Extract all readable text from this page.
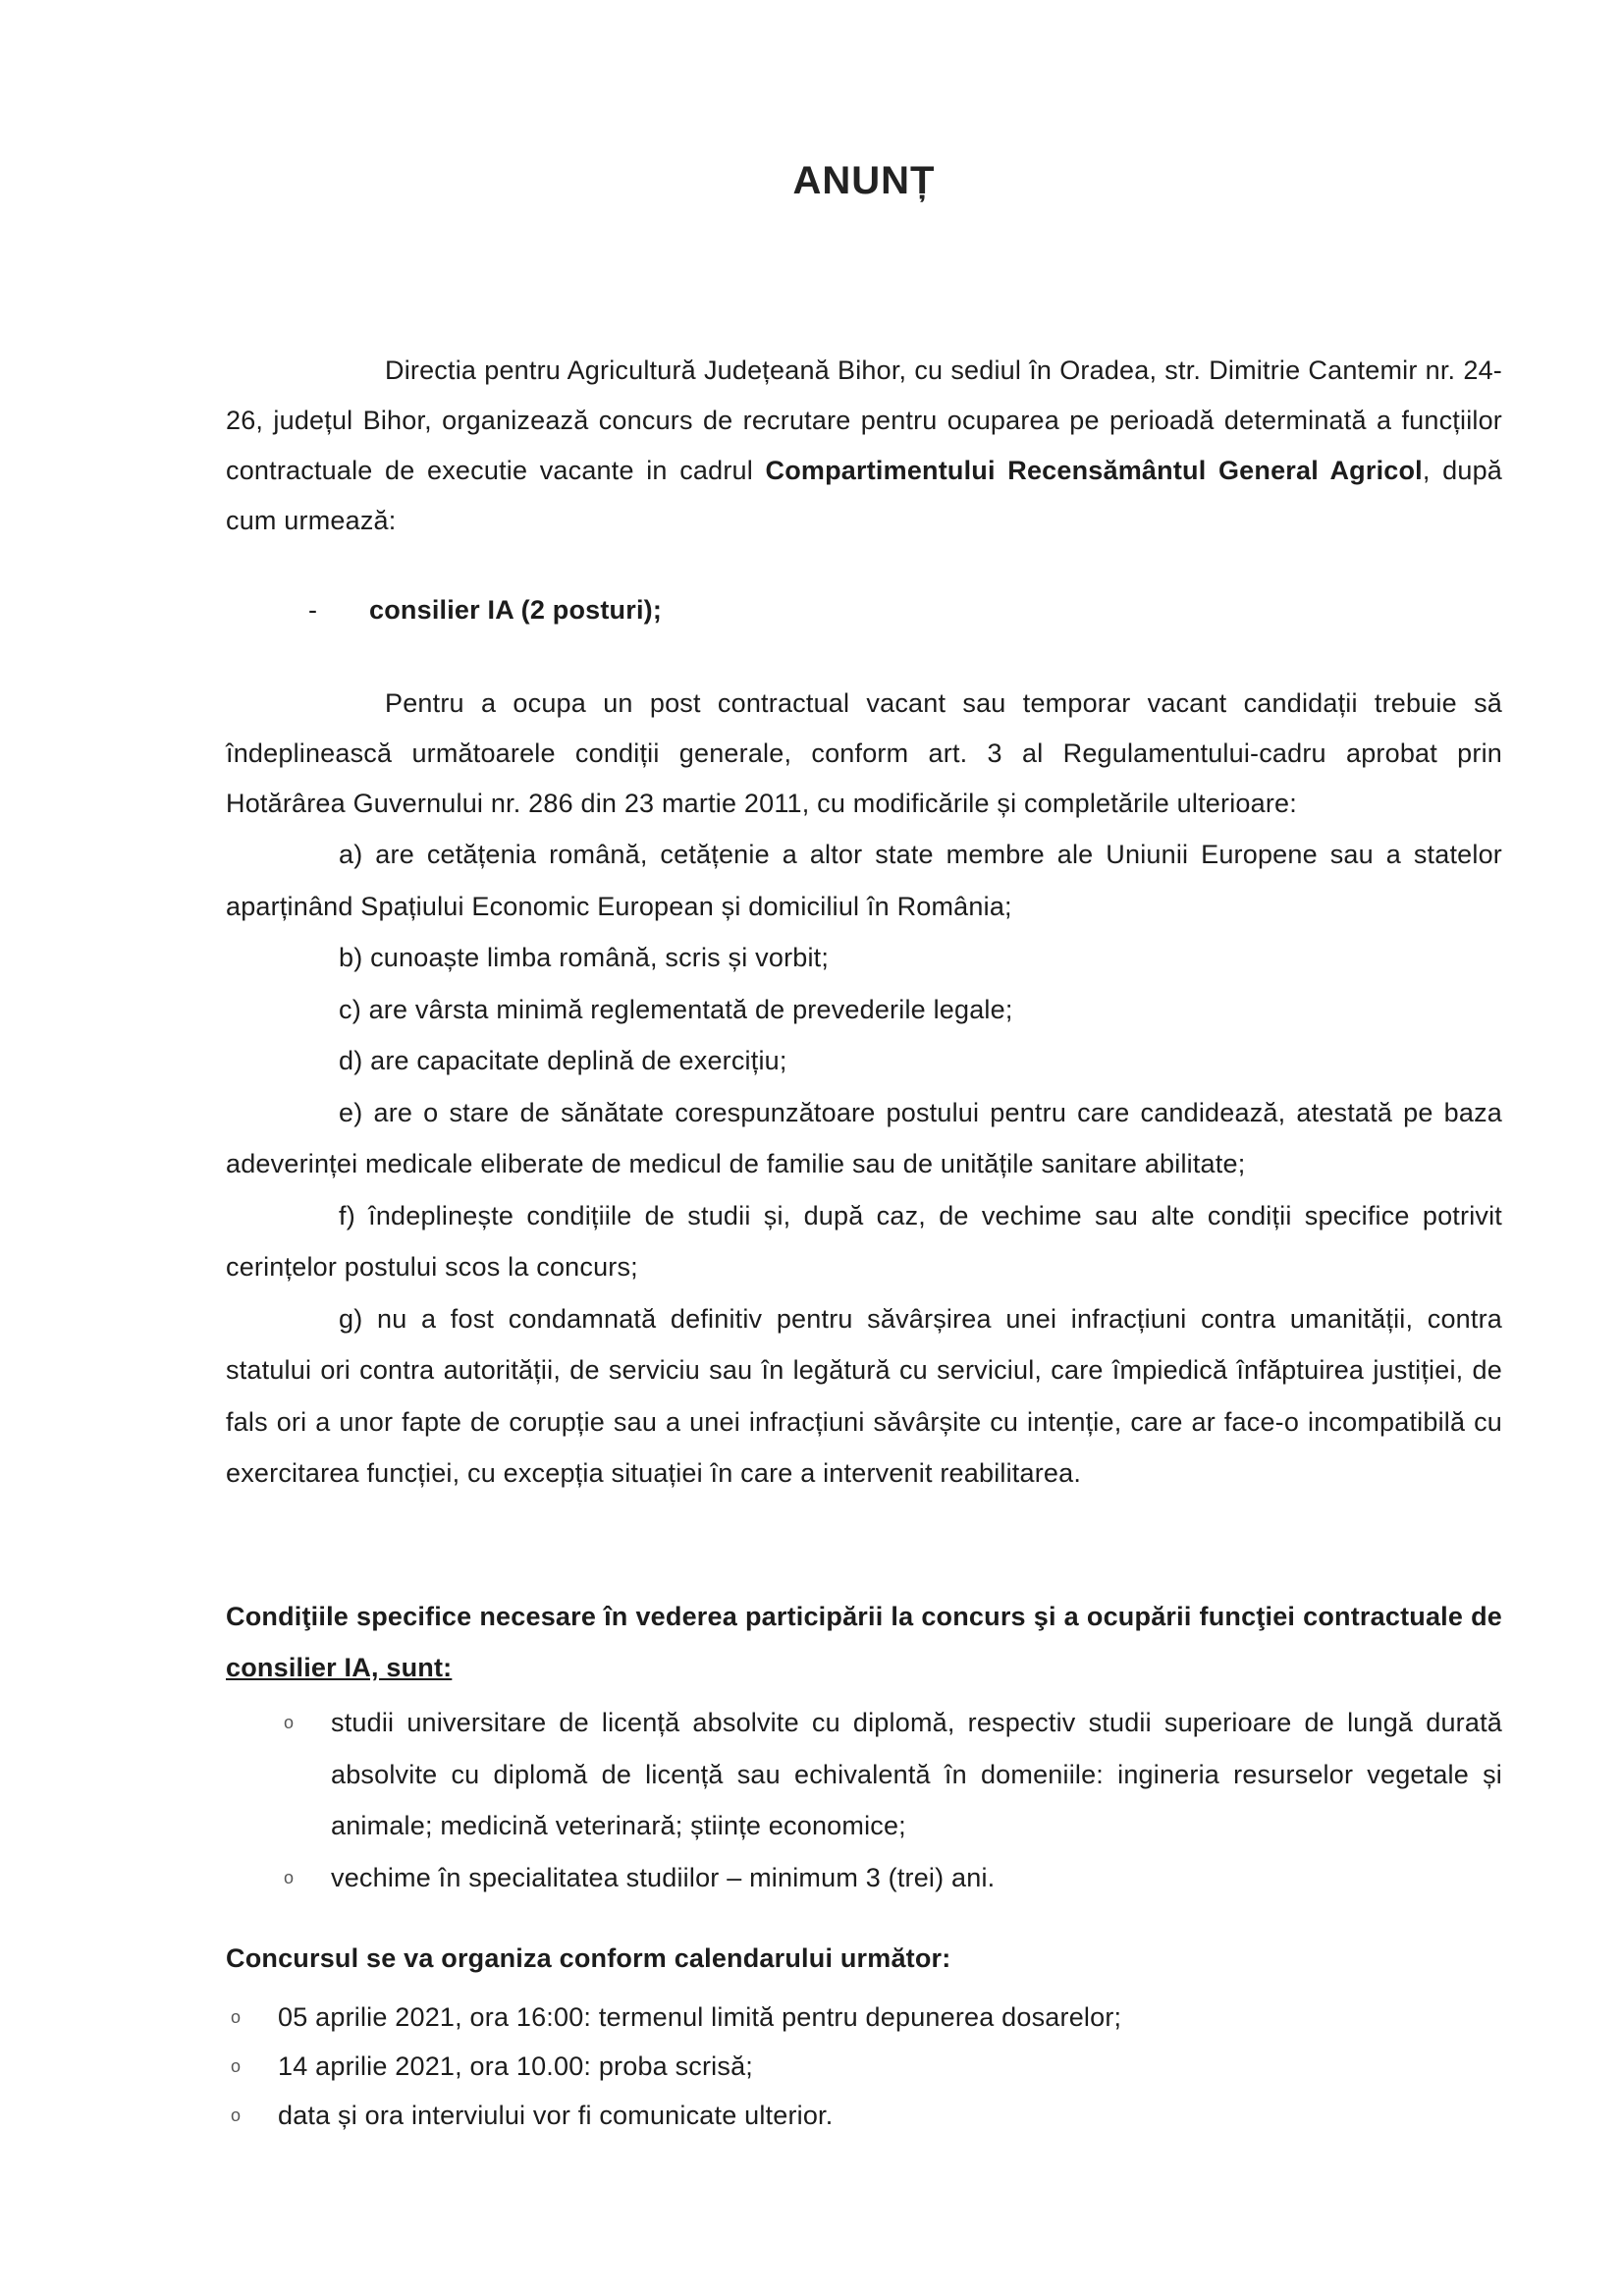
ANUNȚ

Directia pentru Agricultură Județeană Bihor, cu sediul în Oradea, str. Dimitrie Cantemir nr. 24-26, județul Bihor, organizează concurs de recrutare pentru ocuparea pe perioadă determinată a funcțiilor contractuale de executie vacante in cadrul Compartimentului Recensământul General Agricol, după cum urmează:

- consilier IA (2 posturi);

Pentru a ocupa un post contractual vacant sau temporar vacant candidații trebuie să îndeplinească următoarele condiții generale, conform art. 3 al Regulamentului-cadru aprobat prin Hotărârea Guvernului nr. 286 din 23 martie 2011, cu modificările și completările ulterioare:

a) are cetățenia română, cetățenie a altor state membre ale Uniunii Europene sau a statelor aparținând Spațiului Economic European și domiciliul în România;

b) cunoaște limba română, scris și vorbit;

c) are vârsta minimă reglementată de prevederile legale;

d) are capacitate deplină de exercițiu;

e) are o stare de sănătate corespunzătoare postului pentru care candidează, atestată pe baza adeverinței medicale eliberate de medicul de familie sau de unitățile sanitare abilitate;

f) îndeplinește condițiile de studii și, după caz, de vechime sau alte condiții specifice potrivit cerințelor postului scos la concurs;

g) nu a fost condamnată definitiv pentru săvârșirea unei infracțiuni contra umanității, contra statului ori contra autorității, de serviciu sau în legătură cu serviciul, care împiedică înfăptuirea justiției, de fals ori a unor fapte de corupție sau a unei infracțiuni săvârșite cu intenție, care ar face-o incompatibilă cu exercitarea funcției, cu excepția situației în care a intervenit reabilitarea.

Condiţiile specifice necesare în vederea participării la concurs şi a ocupării funcţiei contractuale de consilier IA, sunt:

o studii universitare de licență absolvite cu diplomă, respectiv studii superioare de lungă durată absolvite cu diplomă de licență sau echivalentă în domeniile: ingineria resurselor vegetale și animale; medicină veterinară; științe economice;
o vechime în specialitatea studiilor – minimum 3 (trei) ani.

Concursul se va organiza conform calendarului următor:

o 05 aprilie 2021, ora 16:00: termenul limită pentru depunerea dosarelor;
o 14 aprilie 2021, ora 10.00: proba scrisă;
o data și ora interviului vor fi comunicate ulterior.
